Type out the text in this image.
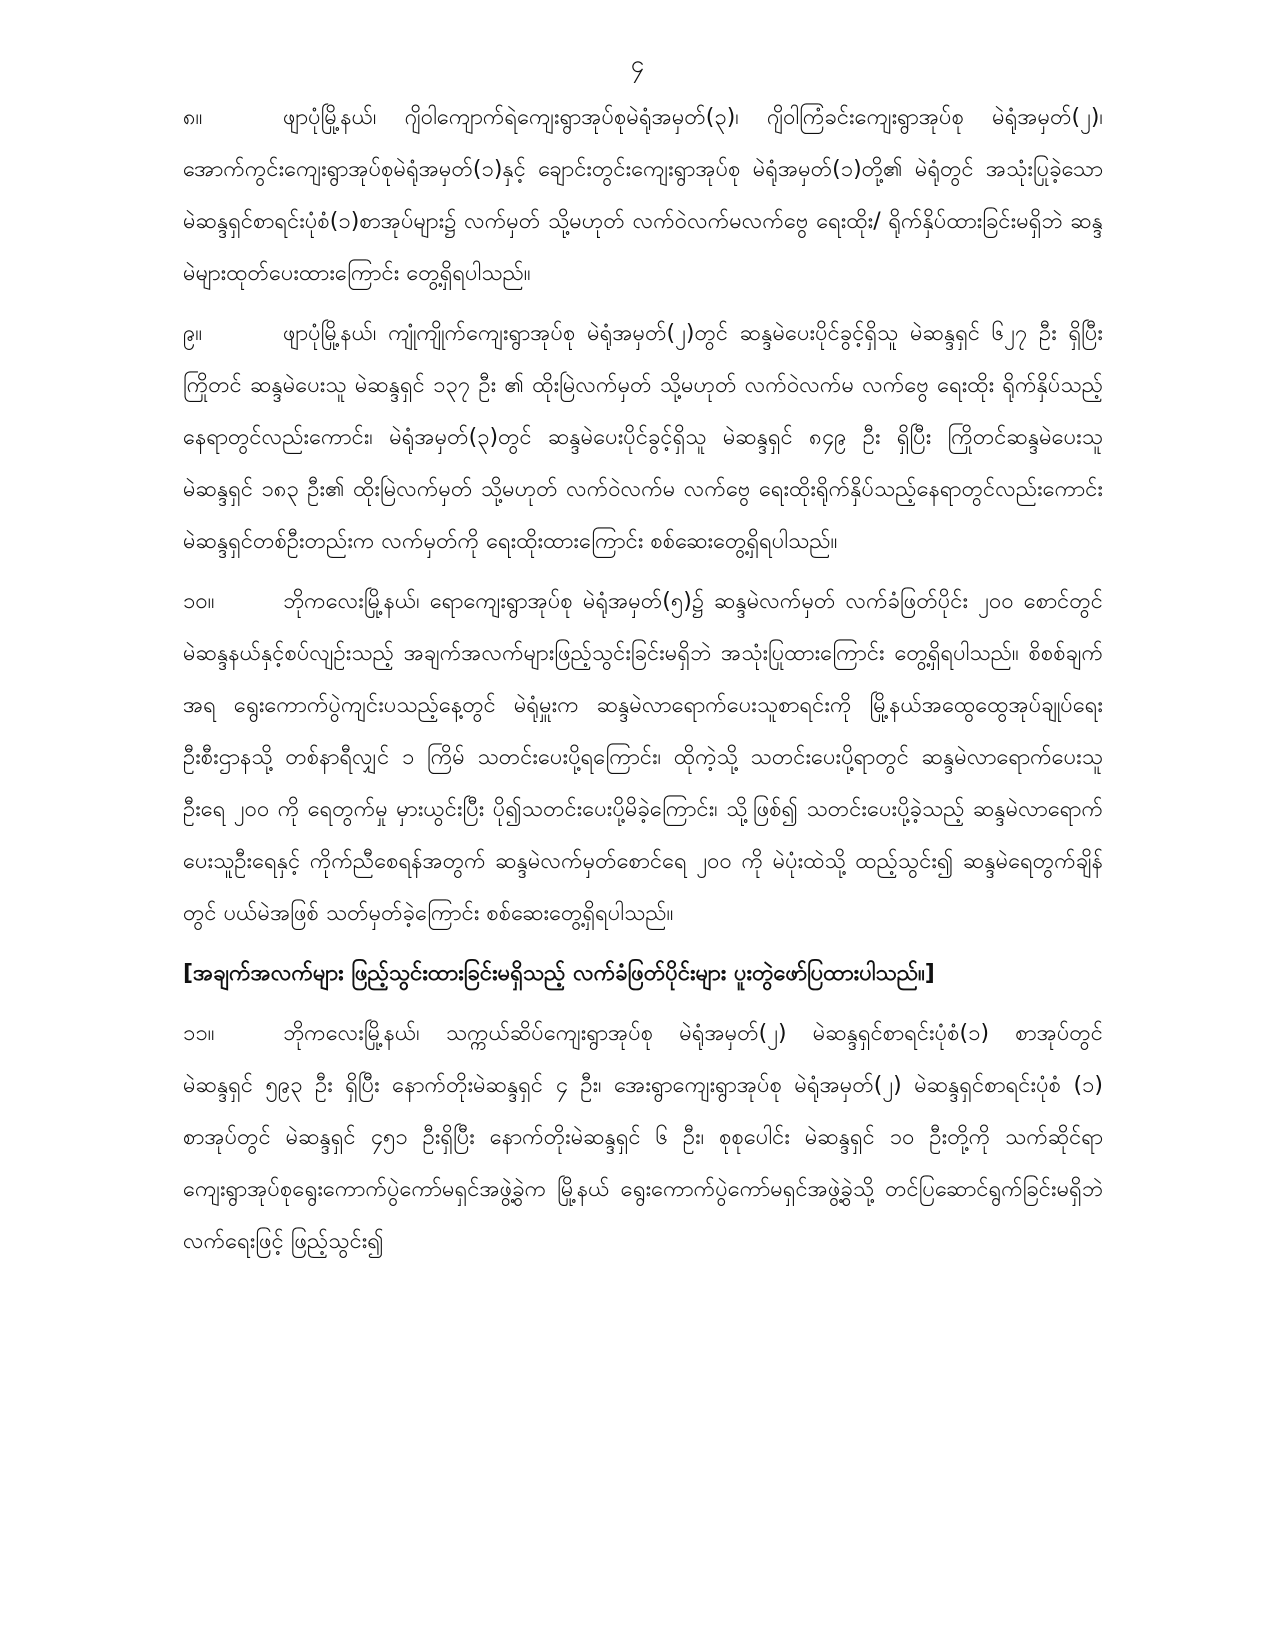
၄

၈။	ဖျာပုံမြို့နယ်၊ ဂျိဝါကျောက်ရဲကျေးရွာအုပ်စုမဲရုံအမှတ်(၃)၊ ဂျိဝါကြံခင်းကျေးရွာအုပ်စု မဲရုံအမှတ်(၂)၊ အောက်ကွင်းကျေးရွာအုပ်စုမဲရုံအမှတ်(၁)နှင့် ချောင်းတွင်းကျေးရွာအုပ်စု မဲရုံအမှတ်(၁)တို့၏ မဲရုံတွင် အသုံးပြုခဲ့သော မဲဆန္ဒရှင်စာရင်းပုံစံ(၁)စာအုပ်များ၌ လက်မှတ် သို့မဟုတ် လက်ဝဲလက်မလက်ဗွေ ရေးထိုး/ ရိုက်နှိပ်ထားခြင်းမရှိဘဲ ဆန္ဒမဲများထုတ်ပေးထားကြောင်း တွေ့ရှိရပါသည်။

၉။	ဖျာပုံမြို့နယ်၊ ကျုံကျိုက်ကျေးရွာအုပ်စု မဲရုံအမှတ်(၂)တွင် ဆန္ဒမဲပေးပိုင်ခွင့်ရှိသူ မဲဆန္ဒရှင် ၆၂၇ ဦး ရှိပြီး ကြိုတင် ဆန္ဒမဲပေးသူ မဲဆန္ဒရှင် ၁၃၇ ဦး ၏ ထိုးမြဲလက်မှတ် သို့မဟုတ် လက်ဝဲလက်မ လက်ဗွေ ရေးထိုး ရိုက်နှိပ်သည့်နေရာတွင်လည်းကောင်း၊ မဲရုံအမှတ်(၃)တွင် ဆန္ဒမဲပေးပိုင်ခွင့်ရှိသူ မဲဆန္ဒရှင် ၈၄၉ ဦး ရှိပြီး ကြိုတင်ဆန္ဒမဲပေးသူ မဲဆန္ဒရှင် ၁၈၃ ဦး၏ ထိုးမြဲလက်မှတ် သို့မဟုတ် လက်ဝဲလက်မ လက်ဗွေ ရေးထိုးရိုက်နှိပ်သည့်နေရာတွင်လည်းကောင်း မဲဆန္ဒရှင်တစ်ဦးတည်းက လက်မှတ်ကို ရေးထိုးထားကြောင်း စစ်ဆေးတွေ့ရှိရပါသည်။

၁၀။	ဘိုကလေးမြို့နယ်၊ ရောကျေးရွာအုပ်စု မဲရုံအမှတ်(၅)၌ ဆန္ဒမဲလက်မှတ် လက်ခံဖြတ်ပိုင်း ၂၀၀ စောင်တွင် မဲဆန္ဒနယ်နှင့်စပ်လျဉ်းသည့် အချက်အလက်များဖြည့်သွင်းခြင်းမရှိဘဲ အသုံးပြုထားကြောင်း တွေ့ရှိရပါသည်။ စိစစ်ချက်အရ ရွေးကောက်ပွဲကျင်းပသည့်နေ့တွင် မဲရုံမှူးက ဆန္ဒမဲလာရောက်ပေးသူစာရင်းကို မြို့နယ်အထွေထွေအုပ်ချုပ်ရေးဦးစီးဌာနသို့ တစ်နာရီလျှင် ၁ ကြိမ် သတင်းပေးပို့ရကြောင်း၊ ထိုကဲ့သို့ သတင်းပေးပို့ရာတွင် ဆန္ဒမဲလာရောက်ပေးသူ ဦးရေ ၂၀၀ ကို ရေတွက်မှု မှားယွင်းပြီး ပို၍သတင်းပေးပို့မိခဲ့ကြောင်း၊ သို့ဖြစ်၍ သတင်းပေးပို့ခဲ့သည့် ဆန္ဒမဲလာရောက်ပေးသူဦးရေနှင့် ကိုက်ညီစေရန်အတွက် ဆန္ဒမဲလက်မှတ်စောင်ရေ ၂၀၀ ကို မဲပုံးထဲသို့ ထည့်သွင်း၍ ဆန္ဒမဲရေတွက်ချိန်တွင် ပယ်မဲအဖြစ် သတ်မှတ်ခဲ့ကြောင်း စစ်ဆေးတွေ့ရှိရပါသည်။

[အချက်အလက်များ ဖြည့်သွင်းထားခြင်းမရှိသည့် လက်ခံဖြတ်ပိုင်းများ ပူးတွဲဖော်ပြထားပါသည်။]

၁၁။	ဘိုကလေးမြို့နယ်၊ သက္ကယ်ဆိပ်ကျေးရွာအုပ်စု မဲရုံအမှတ်(၂) မဲဆန္ဒရှင်စာရင်းပုံစံ(၁) စာအုပ်တွင် မဲဆန္ဒရှင် ၅၉၃ ဦး ရှိပြီး နောက်တိုးမဲဆန္ဒရှင် ၄ ဦး၊ အေးရွာကျေးရွာအုပ်စု မဲရုံအမှတ်(၂) မဲဆန္ဒရှင်စာရင်းပုံစံ (၁) စာအုပ်တွင် မဲဆန္ဒရှင် ၄၅၁ ဦးရှိပြီး နောက်တိုးမဲဆန္ဒရှင် ၆ ဦး၊ စုစုပေါင်း မဲဆန္ဒရှင် ၁၀ ဦးတို့ကို သက်ဆိုင်ရာ ကျေးရွာအုပ်စုရွေးကောက်ပွဲကော်မရှင်အဖွဲ့ခွဲက မြို့နယ် ရွေးကောက်ပွဲကော်မရှင်အဖွဲ့ခွဲသို့ တင်ပြဆောင်ရွက်ခြင်းမရှိဘဲ လက်ရေးဖြင့် ဖြည့်သွင်း၍
